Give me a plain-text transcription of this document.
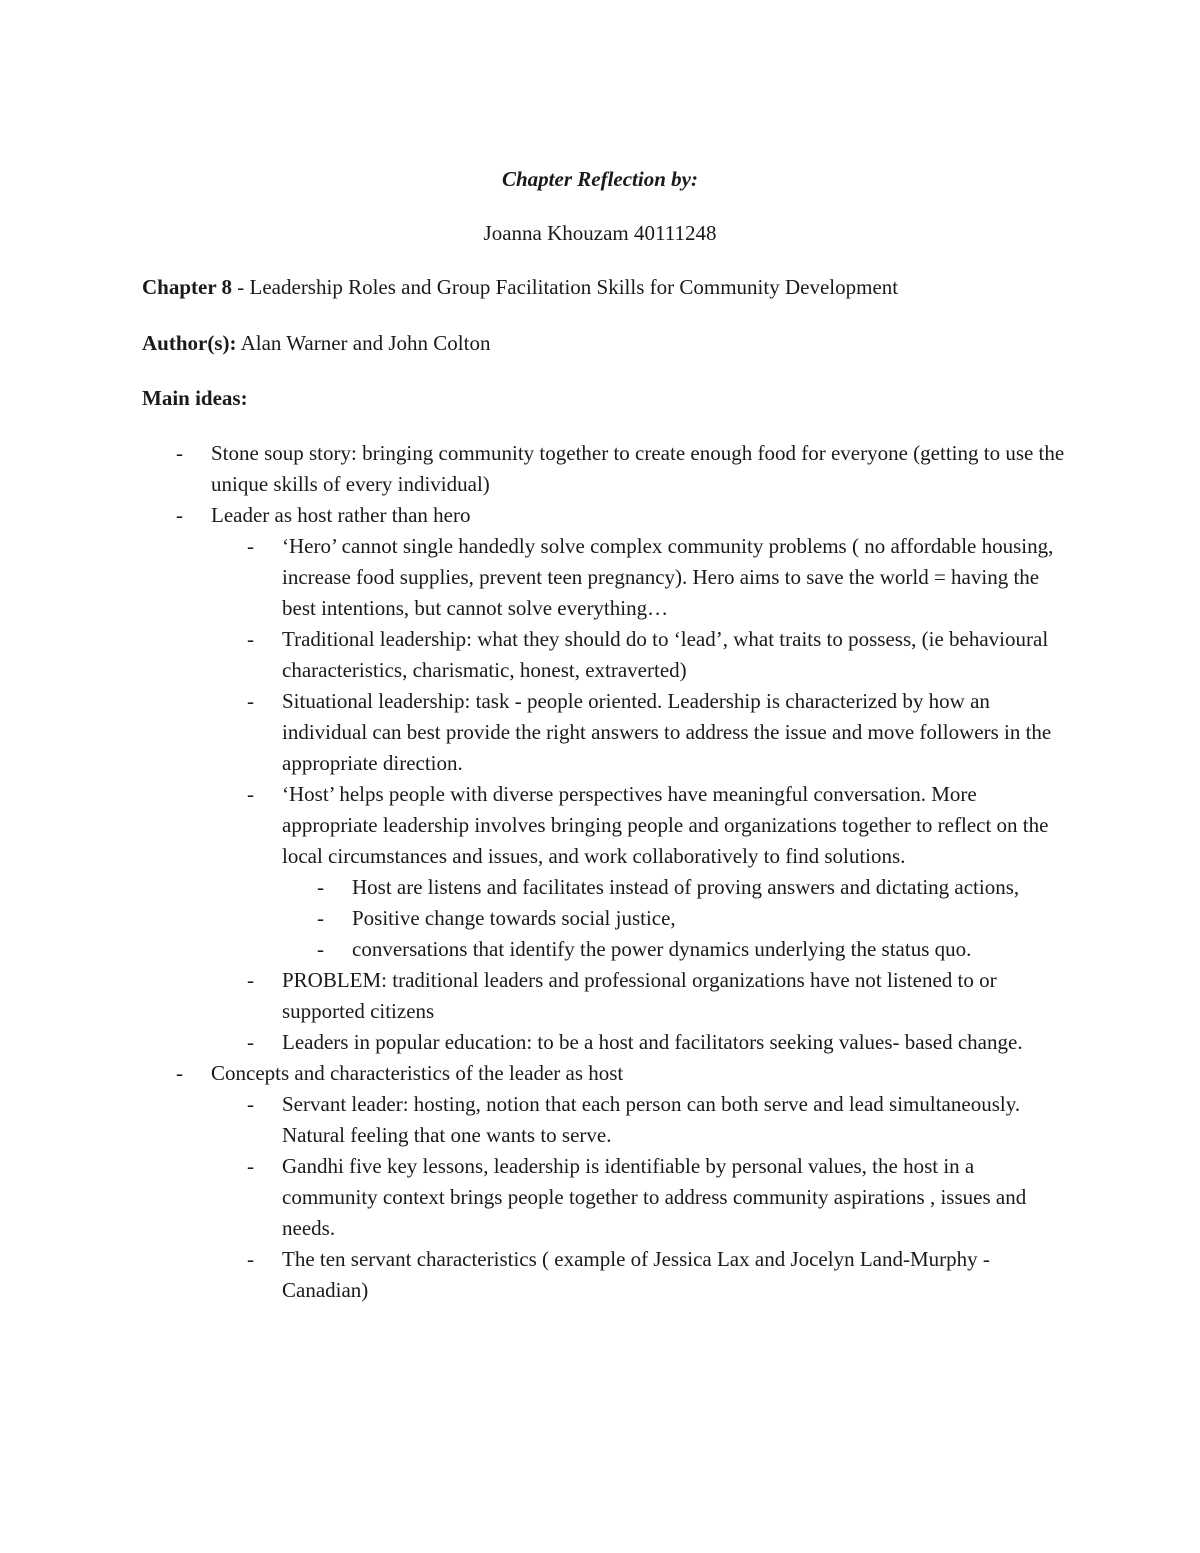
Chapter Reflection by:
Joanna Khouzam 40111248
Chapter 8 - Leadership Roles and Group Facilitation Skills for Community Development
Author(s): Alan Warner and John Colton
Main ideas:
- Stone soup story: bringing community together to create enough food for everyone (getting to use the unique skills of every individual)
- Leader as host rather than hero
- ‘Hero’ cannot single handedly solve complex community problems ( no affordable housing, increase food supplies, prevent teen pregnancy). Hero aims to save the world = having the best intentions, but cannot solve everything…
- Traditional leadership: what they should do to ‘lead’, what traits to possess, (ie behavioural characteristics, charismatic, honest, extraverted)
- Situational leadership: task - people oriented. Leadership is characterized by how an individual can best provide the right answers to address the issue and move followers in the appropriate direction.
- ‘Host’ helps people with diverse perspectives have meaningful conversation. More appropriate leadership involves bringing people and organizations together to reflect on the local circumstances and issues, and work collaboratively to find solutions.
- Host are listens and facilitates instead of proving answers and dictating actions,
- Positive change towards social justice,
- conversations that identify the power dynamics underlying the status quo.
- PROBLEM: traditional leaders and professional organizations have not listened to or supported citizens
- Leaders in popular education: to be a host and facilitators seeking values- based change.
- Concepts and characteristics of the leader as host
- Servant leader: hosting, notion that each person can both serve and lead simultaneously. Natural feeling that one wants to serve.
- Gandhi five key lessons, leadership is identifiable by personal values, the host in a community context brings people together to address community aspirations , issues and needs.
- The ten servant characteristics ( example of Jessica Lax and Jocelyn Land-Murphy - Canadian)
